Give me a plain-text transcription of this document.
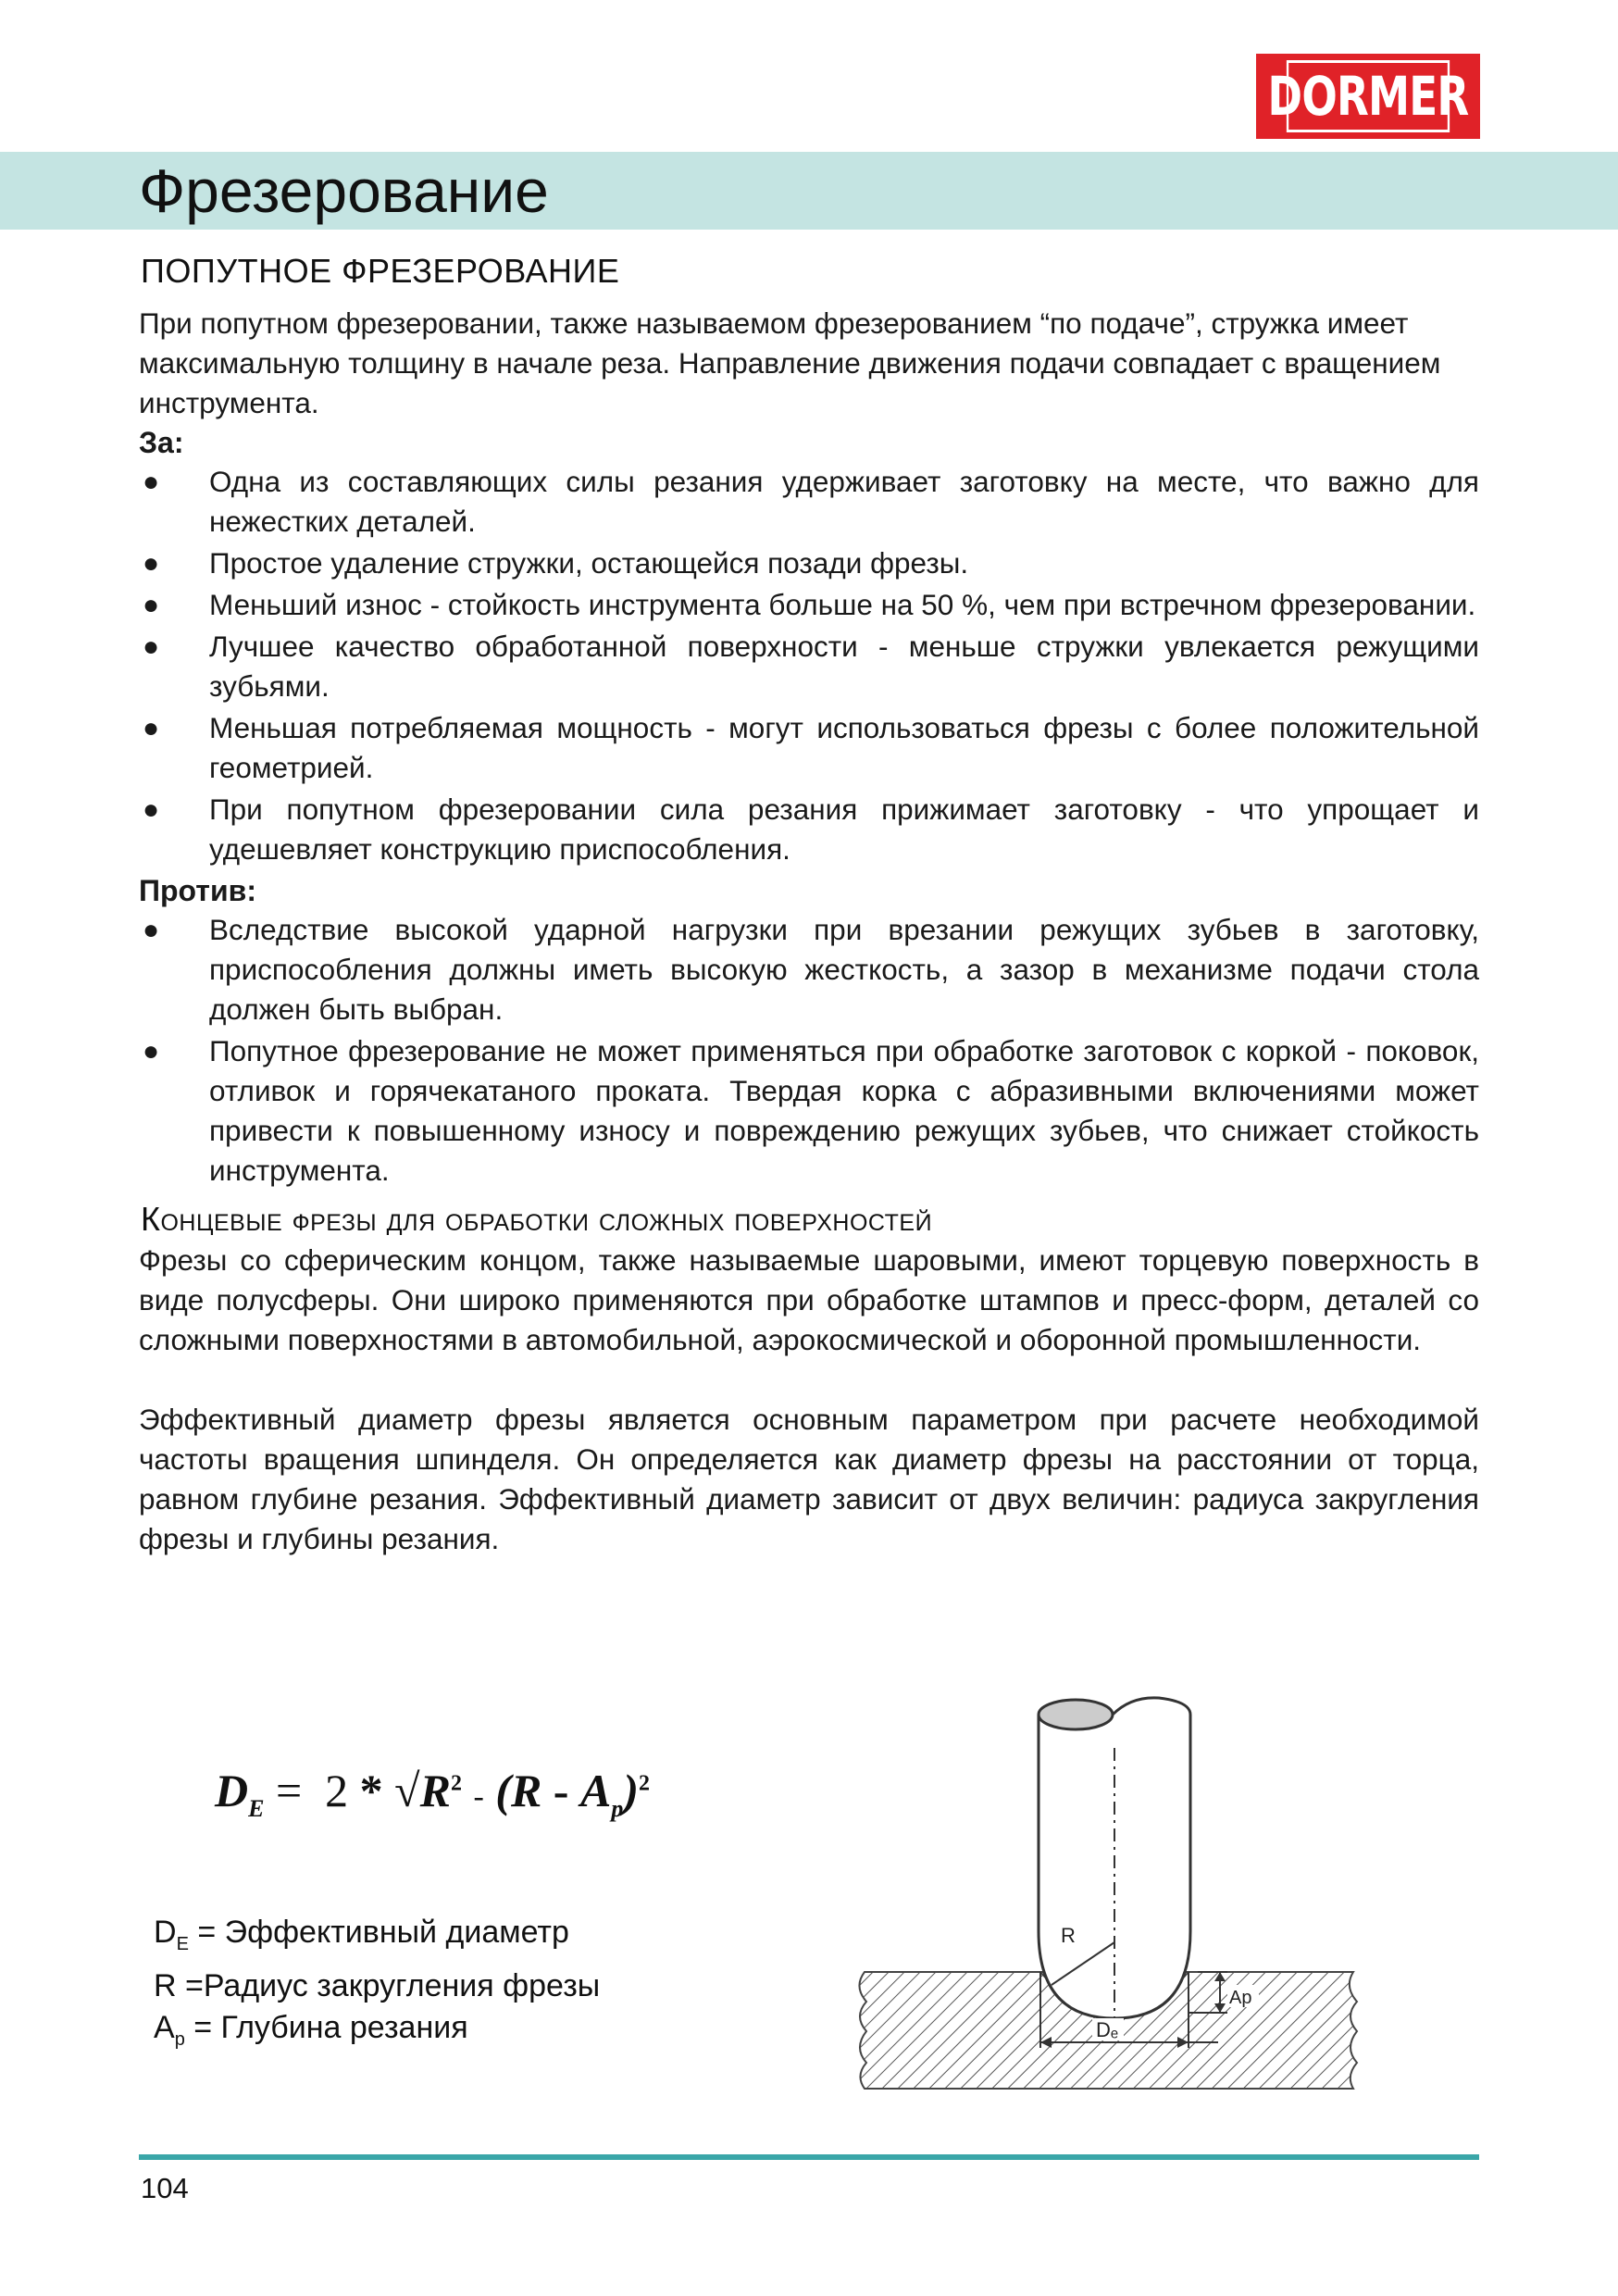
DORMER
Фрезерование
ПОПУТНОЕ ФРЕЗЕРОВАНИЕ

При попутном фрезеровании, также называемом фрезерованием “по подаче”, стружка имеет максимальную толщину в начале реза. Направление движения подачи совпадает с вращением инструмента.

За:
● Одна из составляющих силы резания удерживает заготовку на месте, что важно для нежестких деталей.
● Простое удаление стружки, остающейся позади фрезы.
● Меньший износ - стойкость инструмента больше на 50 %, чем при встречном фрезеровании.
● Лучшее качество обработанной поверхности - меньше стружки увлекается режущими зубьями.
● Меньшая потребляемая мощность - могут использоваться фрезы с более положительной геометрией.
● При попутном фрезеровании сила резания прижимает заготовку - что упрощает и удешевляет конструкцию приспособления.
Против:
● Вследствие высокой ударной нагрузки при врезании режущих зубьев в заготовку, приспособления должны иметь высокую жесткость, а зазор в механизме подачи стола должен быть выбран.
● Попутное фрезерование не может применяться при обработке заготовок с коркой - поковок, отливок и горячекатаного проката. Твердая корка с абразивными включениями может привести к повышенному износу и повреждению режущих зубьев, что снижает стойкость инструмента.
Концевые фрезы для обработки сложных поверхностей

Фрезы со сферическим концом, также называемые шаровыми, имеют торцевую поверхность в виде полусферы. Они широко применяются при обработке штампов и пресс-форм, деталей со сложными поверхностями в автомобильной, аэрокосмической и оборонной промышленности.

Эффективный диаметр фрезы является основным параметром при расчете необходимой частоты вращения шпинделя. Он определяется как диаметр фрезы на расстоянии от торца, равном глубине резания. Эффективный диаметр зависит от двух величин: радиуса закругления фрезы и глубины резания.

$D_E = 2 * √R^2 - (R - A_p)^2$
$D_E$ = Эффективный диаметр
R =Радиус закругления фрезы
$A_p$ = Глубина резания
R
Dₑ
Ap
104
